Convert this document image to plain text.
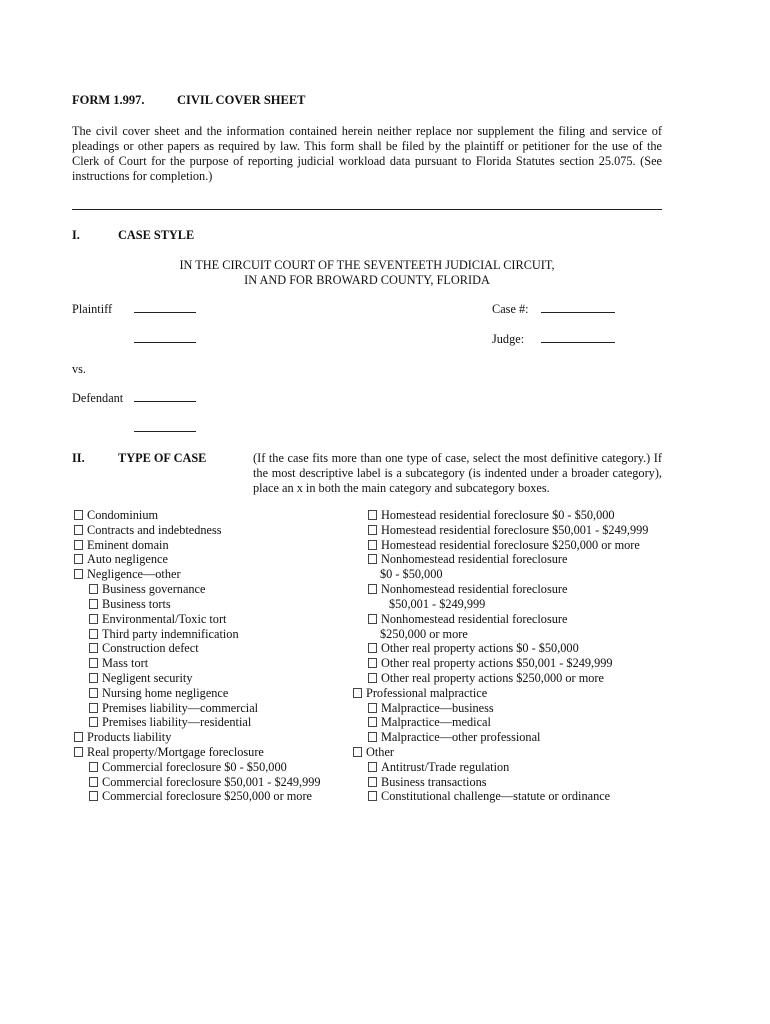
FORM 1.997.	CIVIL COVER SHEET
The civil cover sheet and the information contained herein neither replace nor supplement the filing and service of pleadings or other papers as required by law. This form shall be filed by the plaintiff or petitioner for the use of the Clerk of Court for the purpose of reporting judicial workload data pursuant to Florida Statutes section 25.075. (See instructions for completion.)
I.	CASE STYLE
IN THE CIRCUIT COURT OF THE SEVENTEETH JUDICIAL CIRCUIT,
IN AND FOR BROWARD COUNTY, FLORIDA
Plaintiff	Case #:
Judge:
vs.
Defendant
II.	TYPE OF CASE	(If the case fits more than one type of case, select the most definitive category.) If the most descriptive label is a subcategory (is indented under a broader category), place an x in both the main category and subcategory boxes.
Condominium
Contracts and indebtedness
Eminent domain
Auto negligence
Negligence—other
Business governance
Business torts
Environmental/Toxic tort
Third party indemnification
Construction defect
Mass tort
Negligent security
Nursing home negligence
Premises liability—commercial
Premises liability—residential
Products liability
Real property/Mortgage foreclosure
Commercial foreclosure $0 - $50,000
Commercial foreclosure $50,001 - $249,999
Commercial foreclosure $250,000 or more
Homestead residential foreclosure $0 - $50,000
Homestead residential foreclosure $50,001 - $249,999
Homestead residential foreclosure $250,000 or more
Nonhomestead residential foreclosure
$0 - $50,000
Nonhomestead residential foreclosure
$50,001 - $249,999
Nonhomestead residential foreclosure
$250,000 or more
Other real property actions $0 - $50,000
Other real property actions $50,001 - $249,999
Other real property actions $250,000 or more
Professional malpractice
Malpractice—business
Malpractice—medical
Malpractice—other professional
Other
Antitrust/Trade regulation
Business transactions
Constitutional challenge—statute or ordinance
